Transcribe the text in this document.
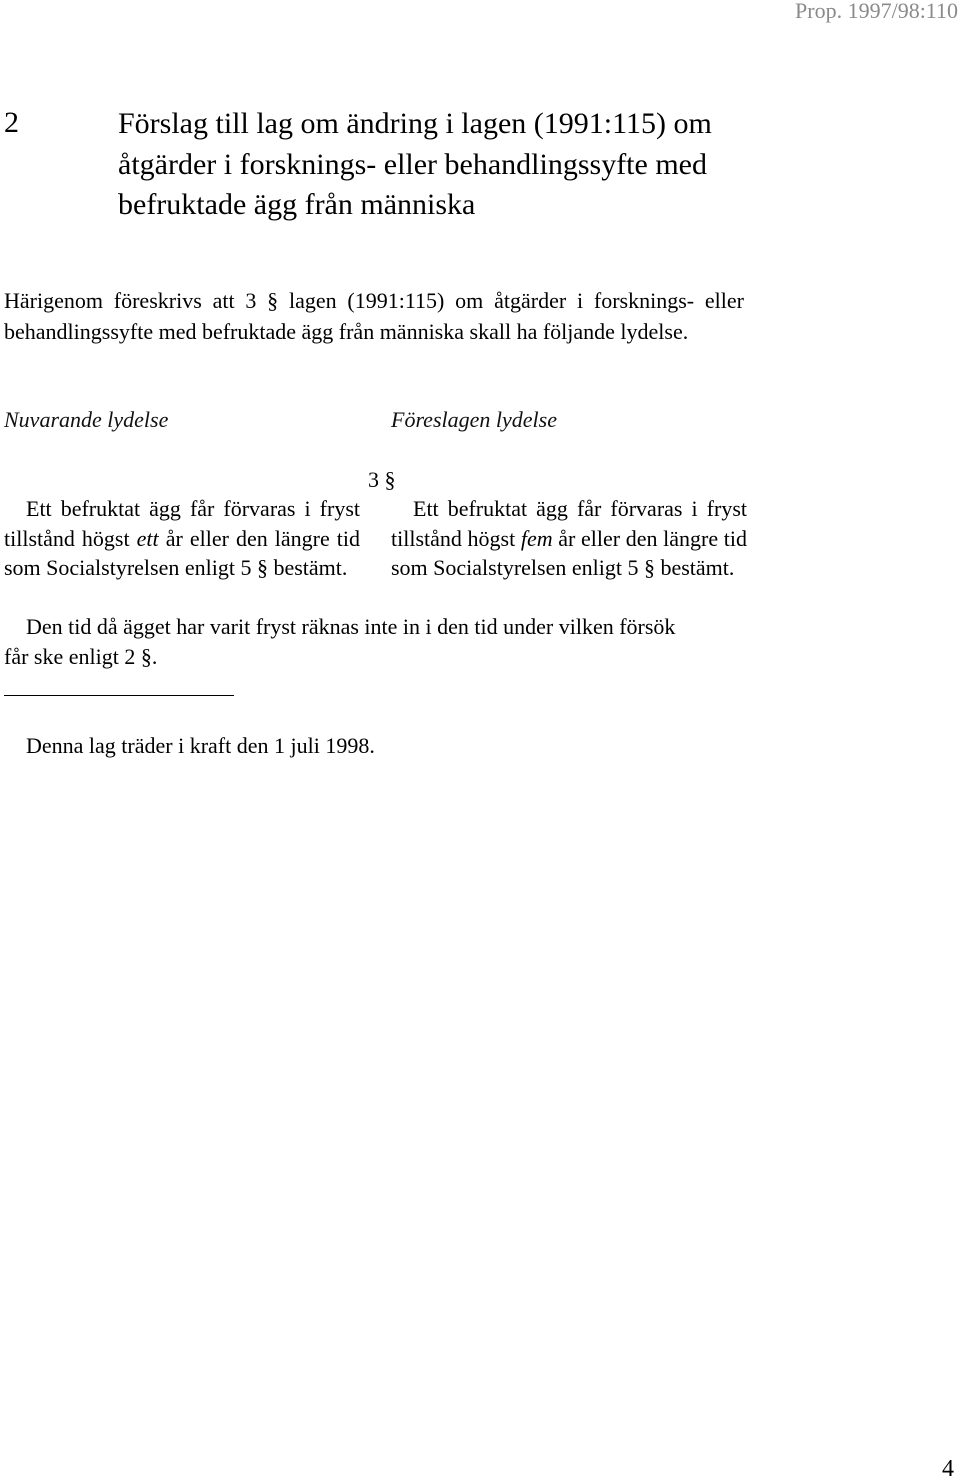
Prop. 1997/98:110
2	Förslag till lag om ändring i lagen (1991:115) om åtgärder i forsknings- eller behandlingssyfte med befruktade ägg från människa
Härigenom föreskrivs att 3 § lagen (1991:115) om åtgärder i forsknings- eller behandlingssyfte med befruktade ägg från människa skall ha följande lydelse.
Nuvarande lydelse	Föreslagen lydelse
3 §
Ett befruktat ägg får förvaras i fryst tillstånd högst ett år eller den längre tid som Socialstyrelsen enligt 5 § bestämt.
Ett befruktat ägg får förvaras i fryst tillstånd högst fem år eller den längre tid som Socialstyrelsen enligt 5 § bestämt.
Den tid då ägget har varit fryst räknas inte in i den tid under vilken försök får ske enligt 2 §.
Denna lag träder i kraft den 1 juli 1998.
4
